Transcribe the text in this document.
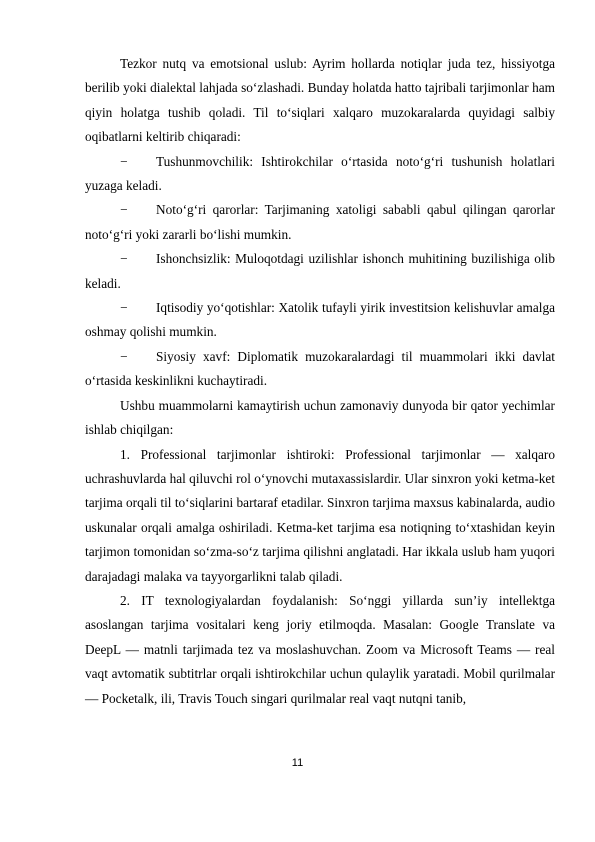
Tezkor nutq va emotsional uslub: Ayrim hollarda notiqlar juda tez, hissiyotga berilib yoki dialektal lahjada so‘zlashadi. Bunday holatda hatto tajribali tarjimonlar ham qiyin holatga tushib qoladi. Til to‘siqlari xalqaro muzokaralarda quyidagi salbiy oqibatlarni keltirib chiqaradi:

− Tushunmovchilik: Ishtirokchilar o‘rtasida noto‘g‘ri tushunish holatlari yuzaga keladi.

− Noto‘g‘ri qarorlar: Tarjimaning xatoligi sababli qabul qilingan qarorlar noto‘g‘ri yoki zararli bo‘lishi mumkin.

− Ishonchsizlik: Muloqotdagi uzilishlar ishonch muhitining buzilishiga olib keladi.

− Iqtisodiy yo‘qotishlar: Xatolik tufayli yirik investitsion kelishuvlar amalga oshmay qolishi mumkin.

− Siyosiy xavf: Diplomatik muzokaralardagi til muammolari ikki davlat o‘rtasida keskinlikni kuchaytiradi.

Ushbu muammolarni kamaytirish uchun zamonaviy dunyoda bir qator yechimlar ishlab chiqilgan:

1. Professional tarjimonlar ishtiroki: Professional tarjimonlar — xalqaro uchrashuvlarda hal qiluvchi rol o‘ynovchi mutaxassislardir. Ular sinxron yoki ketma-ket tarjima orqali til to‘siqlarini bartaraf etadilar. Sinxron tarjima maxsus kabinalarda, audio uskunalar orqali amalga oshiriladi. Ketma-ket tarjima esa notiqning to‘xtashidan keyin tarjimon tomonidan so‘zma-so‘z tarjima qilishni anglatadi. Har ikkala uslub ham yuqori darajadagi malaka va tayyorgarlikni talab qiladi.

2. IT texnologiyalardan foydalanish: So‘nggi yillarda sun’iy intellektga asoslangan tarjima vositalari keng joriy etilmoqda. Masalan: Google Translate va DeepL — matnli tarjimada tez va moslashuvchan. Zoom va Microsoft Teams — real vaqt avtomatik subtitrlar orqali ishtirokchilar uchun qulaylik yaratadi. Mobil qurilmalar — Pocketalk, ili, Travis Touch singari qurilmalar real vaqt nutqni tanib,

11
